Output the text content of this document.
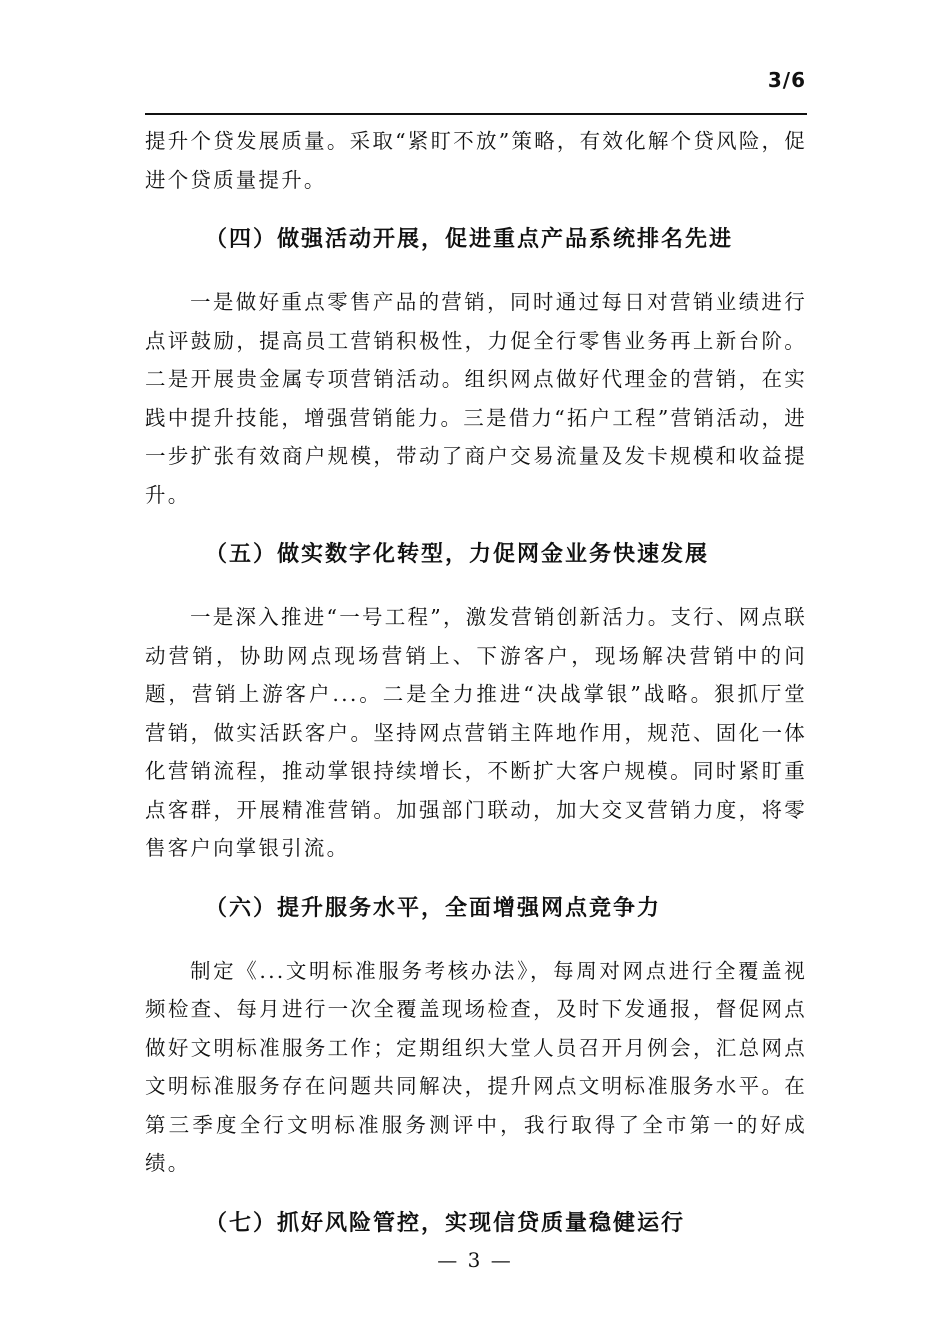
3/6

提升个贷发展质量。采取“紧盯不放”策略，有效化解个贷风险，促进个贷质量提升。

（四）做强活动开展，促进重点产品系统排名先进

一是做好重点零售产品的营销，同时通过每日对营销业绩进行点评鼓励，提高员工营销积极性，力促全行零售业务再上新台阶。二是开展贵金属专项营销活动。组织网点做好代理金的营销，在实践中提升技能，增强营销能力。三是借力“拓户工程”营销活动，进一步扩张有效商户规模，带动了商户交易流量及发卡规模和收益提升。

（五）做实数字化转型，力促网金业务快速发展

一是深入推进“一号工程”，激发营销创新活力。支行、网点联动营销，协助网点现场营销上、下游客户，现场解决营销中的问题，营销上游客户...。二是全力推进“决战掌银”战略。狠抓厅堂营销，做实活跃客户。坚持网点营销主阵地作用，规范、固化一体化营销流程，推动掌银持续增长，不断扩大客户规模。同时紧盯重点客群，开展精准营销。加强部门联动，加大交叉营销力度，将零售客户向掌银引流。

（六）提升服务水平，全面增强网点竞争力

制定《...文明标准服务考核办法》，每周对网点进行全覆盖视频检查、每月进行一次全覆盖现场检查，及时下发通报，督促网点做好文明标准服务工作；定期组织大堂人员召开月例会，汇总网点文明标准服务存在问题共同解决，提升网点文明标准服务水平。在第三季度全行文明标准服务测评中，我行取得了全市第一的好成绩。

（七）抓好风险管控，实现信贷质量稳健运行

— 3 —
